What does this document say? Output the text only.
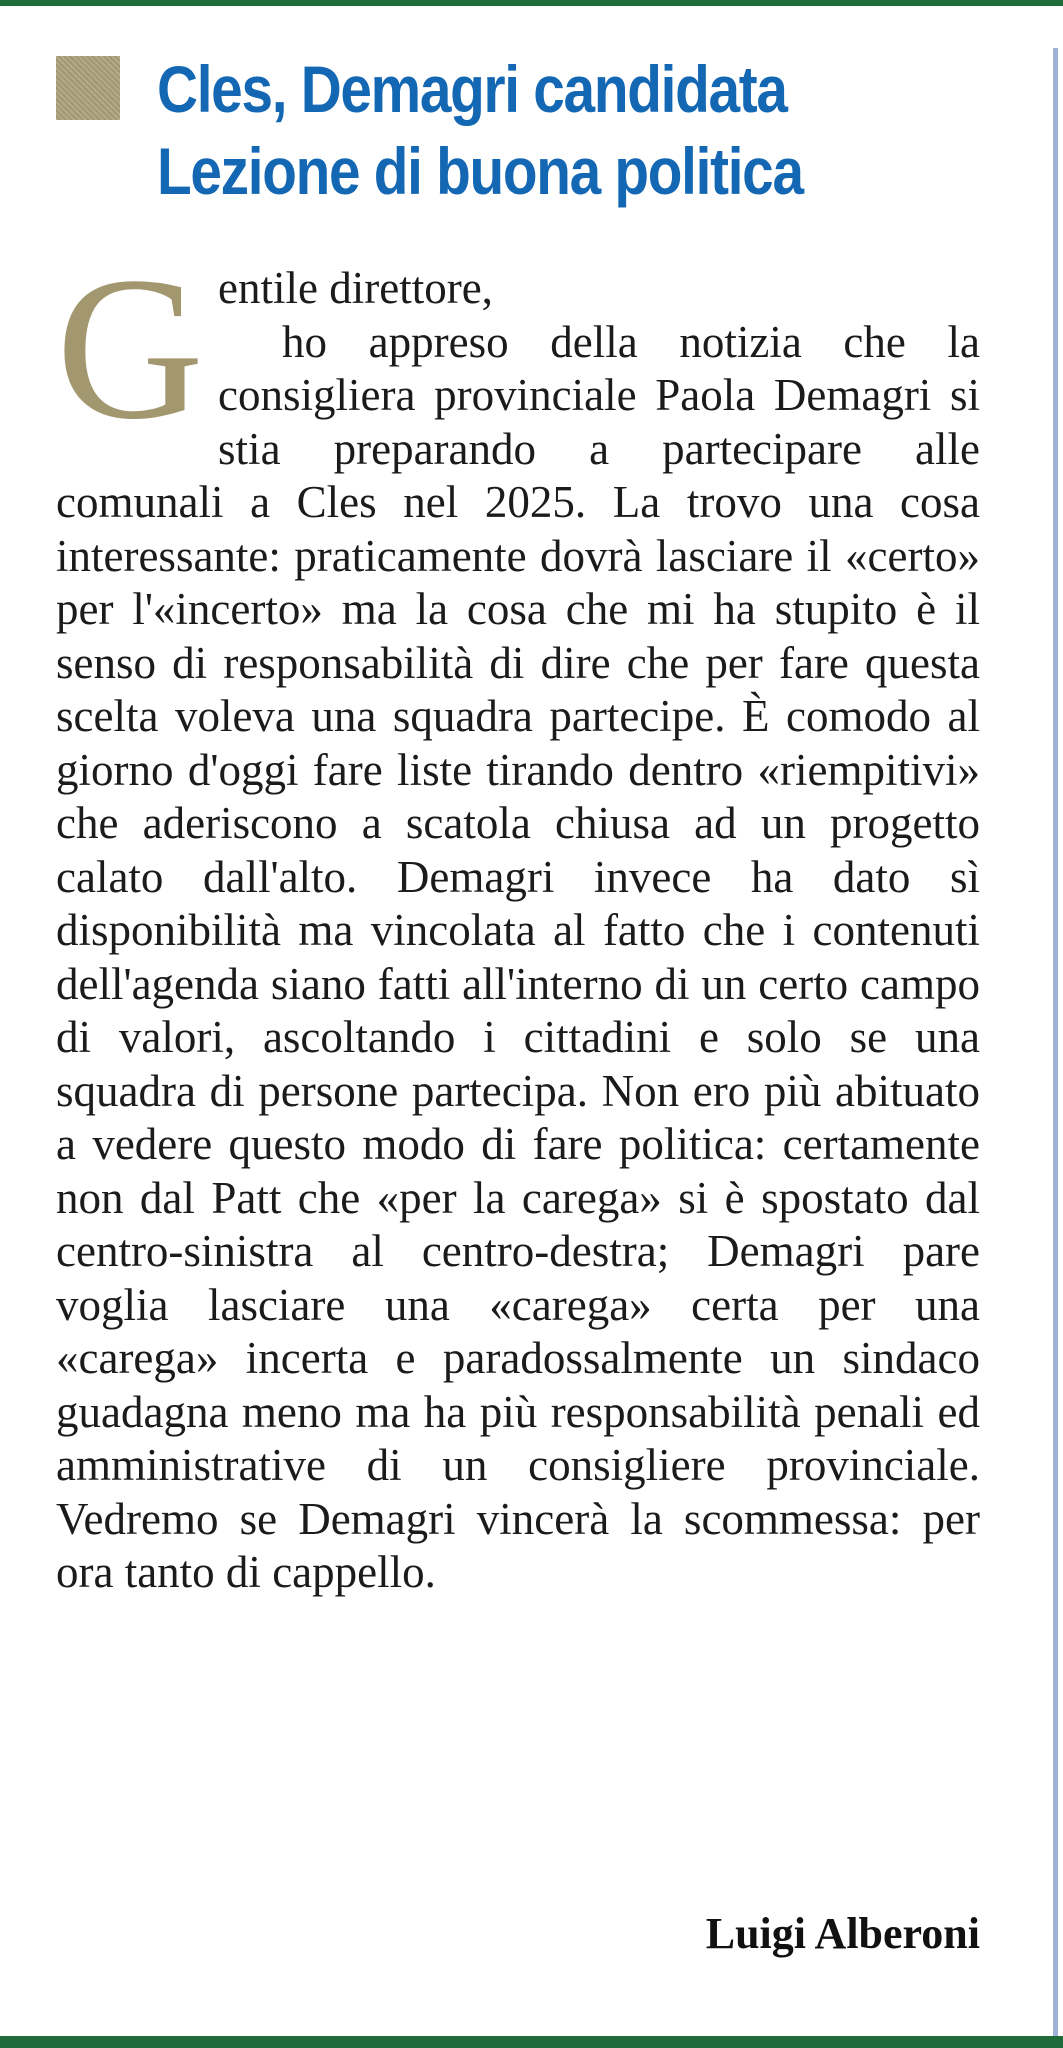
Cles, Demagri candidata
Lezione di buona politica
G entile direttore,
ho appreso della notizia che la consigliera provinciale Paola Demagri si stia preparando a partecipare alle comunali a Cles nel 2025. La trovo una cosa interessante: praticamente dovrà lasciare il «certo» per l'«incerto» ma la cosa che mi ha stupito è il senso di responsabilità di dire che per fare questa scelta voleva una squadra partecipe. È comodo al giorno d'oggi fare liste tirando dentro «riempitivi» che aderiscono a scatola chiusa ad un progetto calato dall'alto. Demagri invece ha dato sì disponibilità ma vincolata al fatto che i contenuti dell'agenda siano fatti all'interno di un certo campo di valori, ascoltando i cittadini e solo se una squadra di persone partecipa. Non ero più abituato a vedere questo modo di fare politica: certamente non dal Patt che «per la carega» si è spostato dal centro-sinistra al centro-destra; Demagri pare voglia lasciare una «carega» certa per una «carega» incerta e paradossalmente un sindaco guadagna meno ma ha più responsabilità penali ed amministrative di un consigliere provinciale. Vedremo se Demagri vincerà la scommessa: per ora tanto di cappello.
Luigi Alberoni
